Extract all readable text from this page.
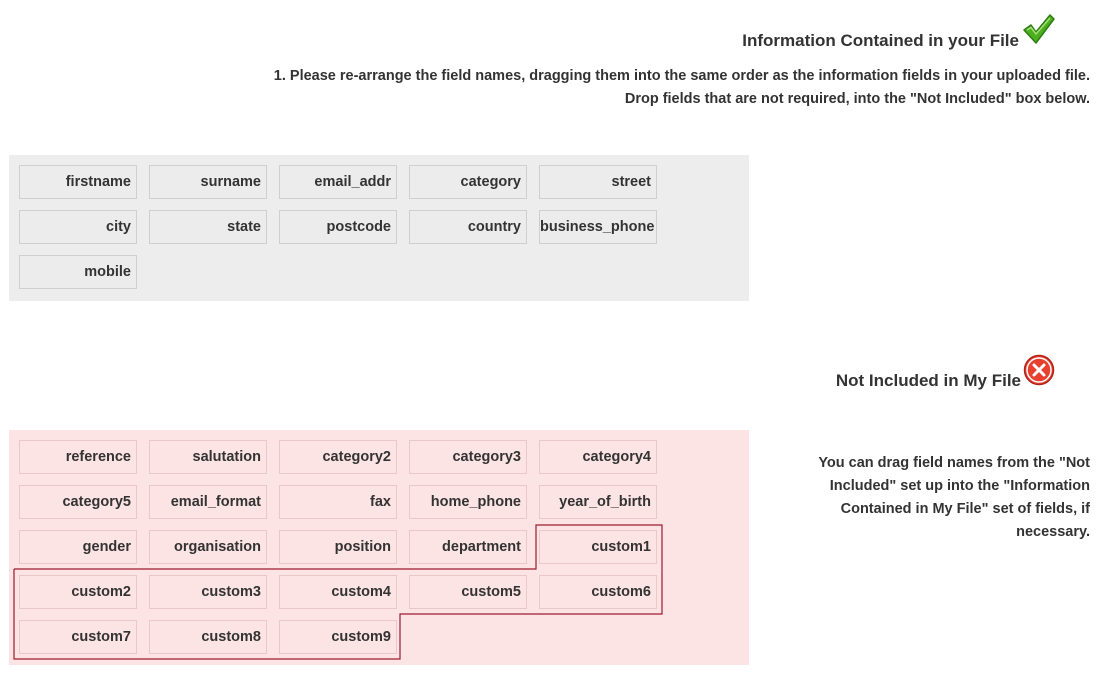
Information Contained in your File
1. Please re-arrange the field names, dragging them into the same order as the information fields in your uploaded file.
Drop fields that are not required, into the "Not Included" box below.
firstname	surname	email_addr	category	street
city	state	postcode	country	business_phone
mobile
Not Included in My File
reference	salutation	category2	category3	category4
category5	email_format	fax	home_phone	year_of_birth
gender	organisation	position	department	custom1
custom2	custom3	custom4	custom5	custom6
custom7	custom8	custom9
You can drag field names from the "Not
Included" set up into the "Information
Contained in My File" set of fields, if
necessary.
